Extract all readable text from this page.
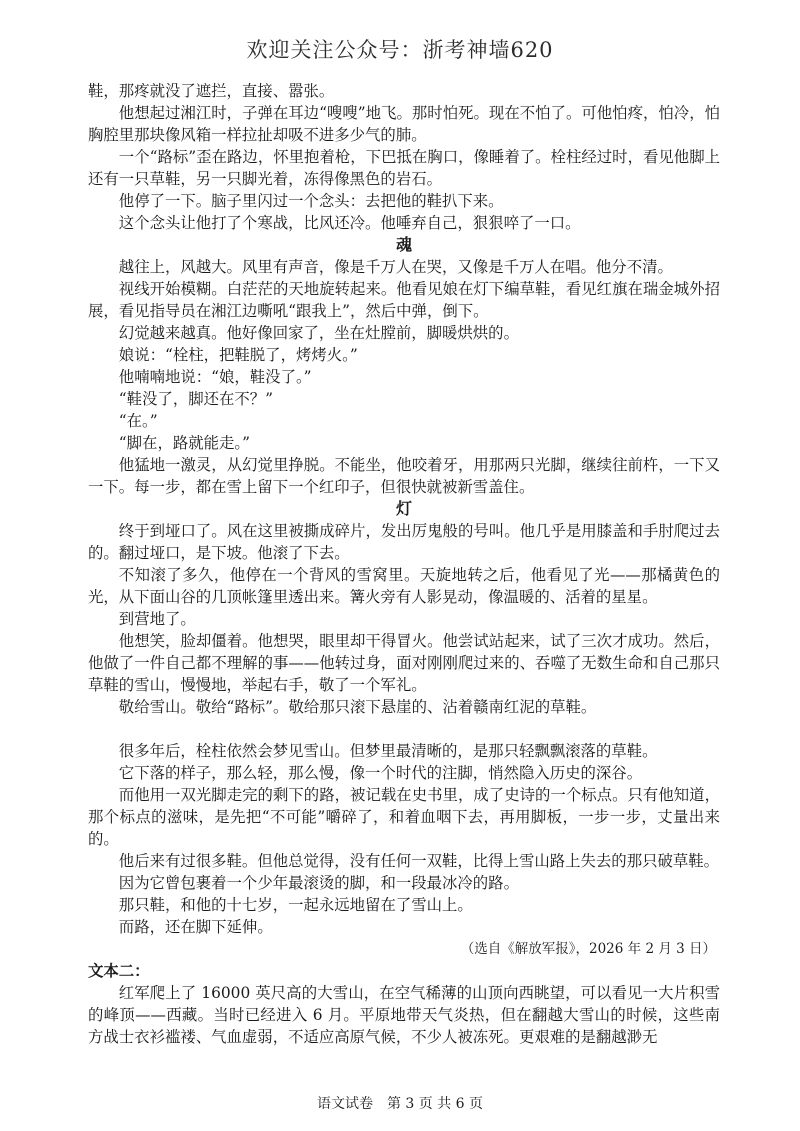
欢迎关注公众号：浙考神墙620

鞋，那疼就没了遮拦，直接、嚣张。

他想起过湘江时，子弹在耳边“嗖嗖”地飞。那时怕死。现在不怕了。可他怕疼，怕冷，怕胸腔里那块像风箱一样拉扯却吸不进多少气的肺。

一个“路标”歪在路边，怀里抱着枪，下巴抵在胸口，像睡着了。栓柱经过时，看见他脚上还有一只草鞋，另一只脚光着，冻得像黑色的岩石。

他停了一下。脑子里闪过一个念头：去把他的鞋扒下来。

这个念头让他打了个寒战，比风还冷。他唾弃自己，狠狠啐了一口。

魂

越往上，风越大。风里有声音，像是千万人在哭，又像是千万人在唱。他分不清。

视线开始模糊。白茫茫的天地旋转起来。他看见娘在灯下编草鞋，看见红旗在瑞金城外招展，看见指导员在湘江边嘶吼“跟我上”，然后中弹，倒下。

幻觉越来越真。他好像回家了，坐在灶膛前，脚暖烘烘的。

娘说：“栓柱，把鞋脱了，烤烤火。”

他喃喃地说：“娘，鞋没了。”

“鞋没了，脚还在不？”

“在。”

“脚在，路就能走。”

他猛地一激灵，从幻觉里挣脱。不能坐，他咬着牙，用那两只光脚，继续往前杵，一下又一下。每一步，都在雪上留下一个红印子，但很快就被新雪盖住。

灯

终于到垭口了。风在这里被撕成碎片，发出厉鬼般的号叫。他几乎是用膝盖和手肘爬过去的。翻过垭口，是下坡。他滚了下去。

不知滚了多久，他停在一个背风的雪窝里。天旋地转之后，他看见了光——那橘黄色的光，从下面山谷的几顶帐篷里透出来。篝火旁有人影晃动，像温暖的、活着的星星。

到营地了。

他想笑，脸却僵着。他想哭，眼里却干得冒火。他尝试站起来，试了三次才成功。然后，他做了一件自己都不理解的事——他转过身，面对刚刚爬过来的、吞噬了无数生命和自己那只草鞋的雪山，慢慢地，举起右手，敬了一个军礼。

敬给雪山。敬给“路标”。敬给那只滚下悬崖的、沾着赣南红泥的草鞋。

很多年后，栓柱依然会梦见雪山。但梦里最清晰的，是那只轻飘飘滚落的草鞋。

它下落的样子，那么轻，那么慢，像一个时代的注脚，悄然隐入历史的深谷。

而他用一双光脚走完的剩下的路，被记载在史书里，成了史诗的一个标点。只有他知道，那个标点的滋味，是先把“不可能”嚼碎了，和着血咽下去，再用脚板，一步一步，丈量出来的。

他后来有过很多鞋。但他总觉得，没有任何一双鞋，比得上雪山路上失去的那只破草鞋。

因为它曾包裹着一个少年最滚烫的脚，和一段最冰冷的路。

那只鞋，和他的十七岁，一起永远地留在了雪山上。

而路，还在脚下延伸。

（选自《解放军报》，2026 年 2 月 3 日）

文本二：

红军爬上了 16000 英尺高的大雪山，在空气稀薄的山顶向西眺望，可以看见一大片积雪的峰顶——西藏。当时已经进入 6 月。平原地带天气炎热，但在翻越大雪山的时候，这些南方战士衣衫褴褛、气血虚弱，不适应高原气候，不少人被冻死。更艰难的是翻越渺无

语文试卷　第 3 页 共 6 页
